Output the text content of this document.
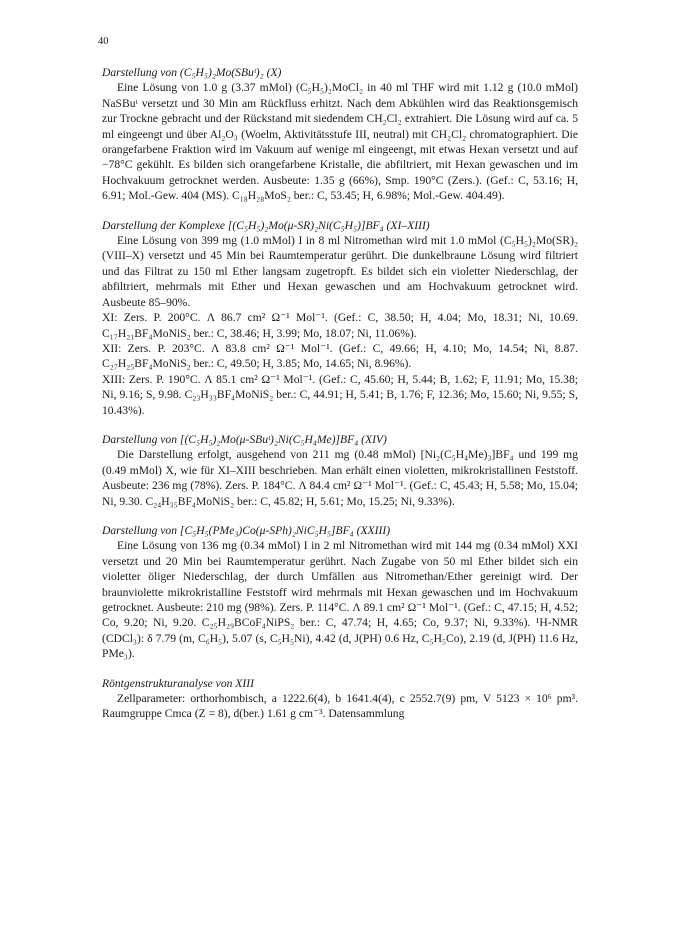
40

Darstellung von (C₅H₅)₂Mo(SBuᵗ)₂ (X)

Eine Lösung von 1.0 g (3.37 mMol) (C₅H₅)₂MoCl₂ in 40 ml THF wird mit 1.12 g (10.0 mMol) NaSBuᵗ versetzt und 30 Min am Rückfluss erhitzt. Nach dem Abkühlen wird das Reaktionsgemisch zur Trockne gebracht und der Rückstand mit siedendem CH₂Cl₂ extrahiert. Die Lösung wird auf ca. 5 ml eingeengt und über Al₂O₃ (Woelm, Aktivitätsstufe III, neutral) mit CH₂Cl₂ chromatographiert. Die orangefarbene Fraktion wird im Vakuum auf wenige ml eingeengt, mit etwas Hexan versetzt und auf −78°C gekühlt. Es bilden sich orangefarbene Kristalle, die abfiltriert, mit Hexan gewaschen und im Hochvakuum getrocknet werden. Ausbeute: 1.35 g (66%), Smp. 190°C (Zers.). (Gef.: C, 53.16; H, 6.91; Mol.-Gew. 404 (MS). C₁₈H₂₈MoS₂ ber.: C, 53.45; H, 6.98%; Mol.-Gew. 404.49).

Darstellung der Komplexe [(C₅H₅)₂Mo(μ-SR)₂Ni(C₅H₅)]BF₄ (XI–XIII)

Eine Lösung von 399 mg (1.0 mMol) I in 8 ml Nitromethan wird mit 1.0 mMol (C₅H₅)₂Mo(SR)₂ (VIII–X) versetzt und 45 Min bei Raumtemperatur gerührt. Die dunkelbraune Lösung wird filtriert und das Filtrat zu 150 ml Ether langsam zugetropft. Es bildet sich ein violetter Niederschlag, der abfiltriert, mehrmals mit Ether und Hexan gewaschen und am Hochvakuum getrocknet wird. Ausbeute 85–90%.

XI: Zers. P. 200°C. Λ 86.7 cm² Ω⁻¹ Mol⁻¹. (Gef.: C, 38.50; H, 4.04; Mo, 18.31; Ni, 10.69. C₁₇H₂₁BF₄MoNiS₂ ber.: C, 38.46; H, 3.99; Mo, 18.07; Ni, 11.06%).

XII: Zers. P. 203°C. Λ 83.8 cm² Ω⁻¹ Mol⁻¹. (Gef.: C, 49.66; H, 4.10; Mo, 14.54; Ni, 8.87. C₂₇H₂₅BF₄MoNiS₂ ber.: C, 49.50; H, 3.85; Mo, 14.65; Ni, 8.96%).

XIII: Zers. P. 190°C. Λ 85.1 cm² Ω⁻¹ Mol⁻¹. (Gef.: C, 45.60; H, 5.44; B, 1.62; F, 11.91; Mo, 15.38; Ni, 9.16; S, 9.98. C₂₃H₃₃BF₄MoNiS₂ ber.: C, 44.91; H, 5.41; B, 1.76; F, 12.36; Mo, 15.60; Ni, 9.55; S, 10.43%).

Darstellung von [(C₅H₅)₂Mo(μ-SBuᵗ)₂Ni(C₅H₄Me)]BF₄ (XIV)

Die Darstellung erfolgt, ausgehend von 211 mg (0.48 mMol) [Ni₂(C₅H₄Me)₃]BF₄ und 199 mg (0.49 mMol) X, wie für XI–XIII beschrieben. Man erhält einen violetten, mikrokristallinen Feststoff. Ausbeute: 236 mg (78%). Zers. P. 184°C. Λ 84.4 cm² Ω⁻¹ Mol⁻¹. (Gef.: C, 45.43; H, 5.58; Mo, 15.04; Ni, 9.30. C₂₄H₃₅BF₄MoNiS₂ ber.: C, 45.82; H, 5.61; Mo, 15.25; Ni, 9.33%).

Darstellung von [C₅H₅(PMe₃)Co(μ-SPh)₂NiC₅H₅]BF₄ (XXIII)

Eine Lösung von 136 mg (0.34 mMol) I in 2 ml Nitromethan wird mit 144 mg (0.34 mMol) XXI versetzt und 20 Min bei Raumtemperatur gerührt. Nach Zugabe von 50 ml Ether bildet sich ein violetter öliger Niederschlag, der durch Umfällen aus Nitromethan/Ether gereinigt wird. Der braunviolette mikrokristalline Feststoff wird mehrmals mit Hexan gewaschen und im Hochvakuum getrocknet. Ausbeute: 210 mg (98%). Zers. P. 114°C. Λ 89.1 cm² Ω⁻¹ Mol⁻¹. (Gef.: C, 47.15; H, 4.52; Co, 9.20; Ni, 9.20. C₂₅H₂₉BCoF₄NiPS₂ ber.: C, 47.74; H, 4.65; Co, 9.37; Ni, 9.33%). ¹H-NMR (CDCl₃): δ 7.79 (m, C₆H₅), 5.07 (s, C₅H₅Ni), 4.42 (d, J(PH) 0.6 Hz, C₅H₅Co), 2.19 (d, J(PH) 11.6 Hz, PMe₃).

Röntgenstrukturanalyse von XIII

Zellparameter: orthorhombisch, a 1222.6(4), b 1641.4(4), c 2552.7(9) pm, V 5123 × 10⁶ pm³. Raumgruppe Cmca (Z = 8), d(ber.) 1.61 g cm⁻³. Datensammlung
